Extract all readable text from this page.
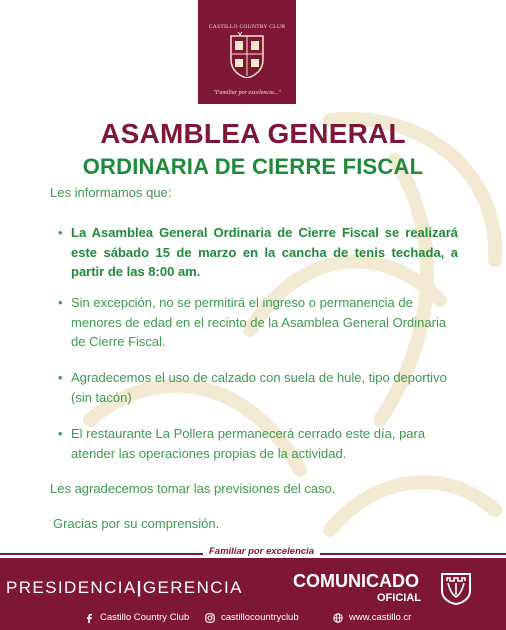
CASTILLO COUNTRY CLUB
"Familiar por excelencia..."
ASAMBLEA GENERAL
ORDINARIA DE CIERRE FISCAL
Les informamos que:
• La Asamblea General Ordinaria de Cierre Fiscal se realizará este sábado 15 de marzo en la cancha de tenis techada, a partir de las 8:00 am.
• Sin excepción, no se permitirá el ingreso o permanencia de menores de edad en el recinto de la Asamblea General Ordinaria de Cierre Fiscal.
• Agradecemos el uso de calzado con suela de hule, tipo deportivo (sin tacón)
• El restaurante La Pollera permanecerá cerrado este día, para atender las operaciones propias de la actividad.
Les agradecemos tomar las previsiones del caso.
Gracias por su comprensión.
Familiar por excelencia
PRESIDENCIA|GERENCIA	COMUNICADO
OFICIAL
Castillo Country Club	castillocountryclub	www.castillo.cr
